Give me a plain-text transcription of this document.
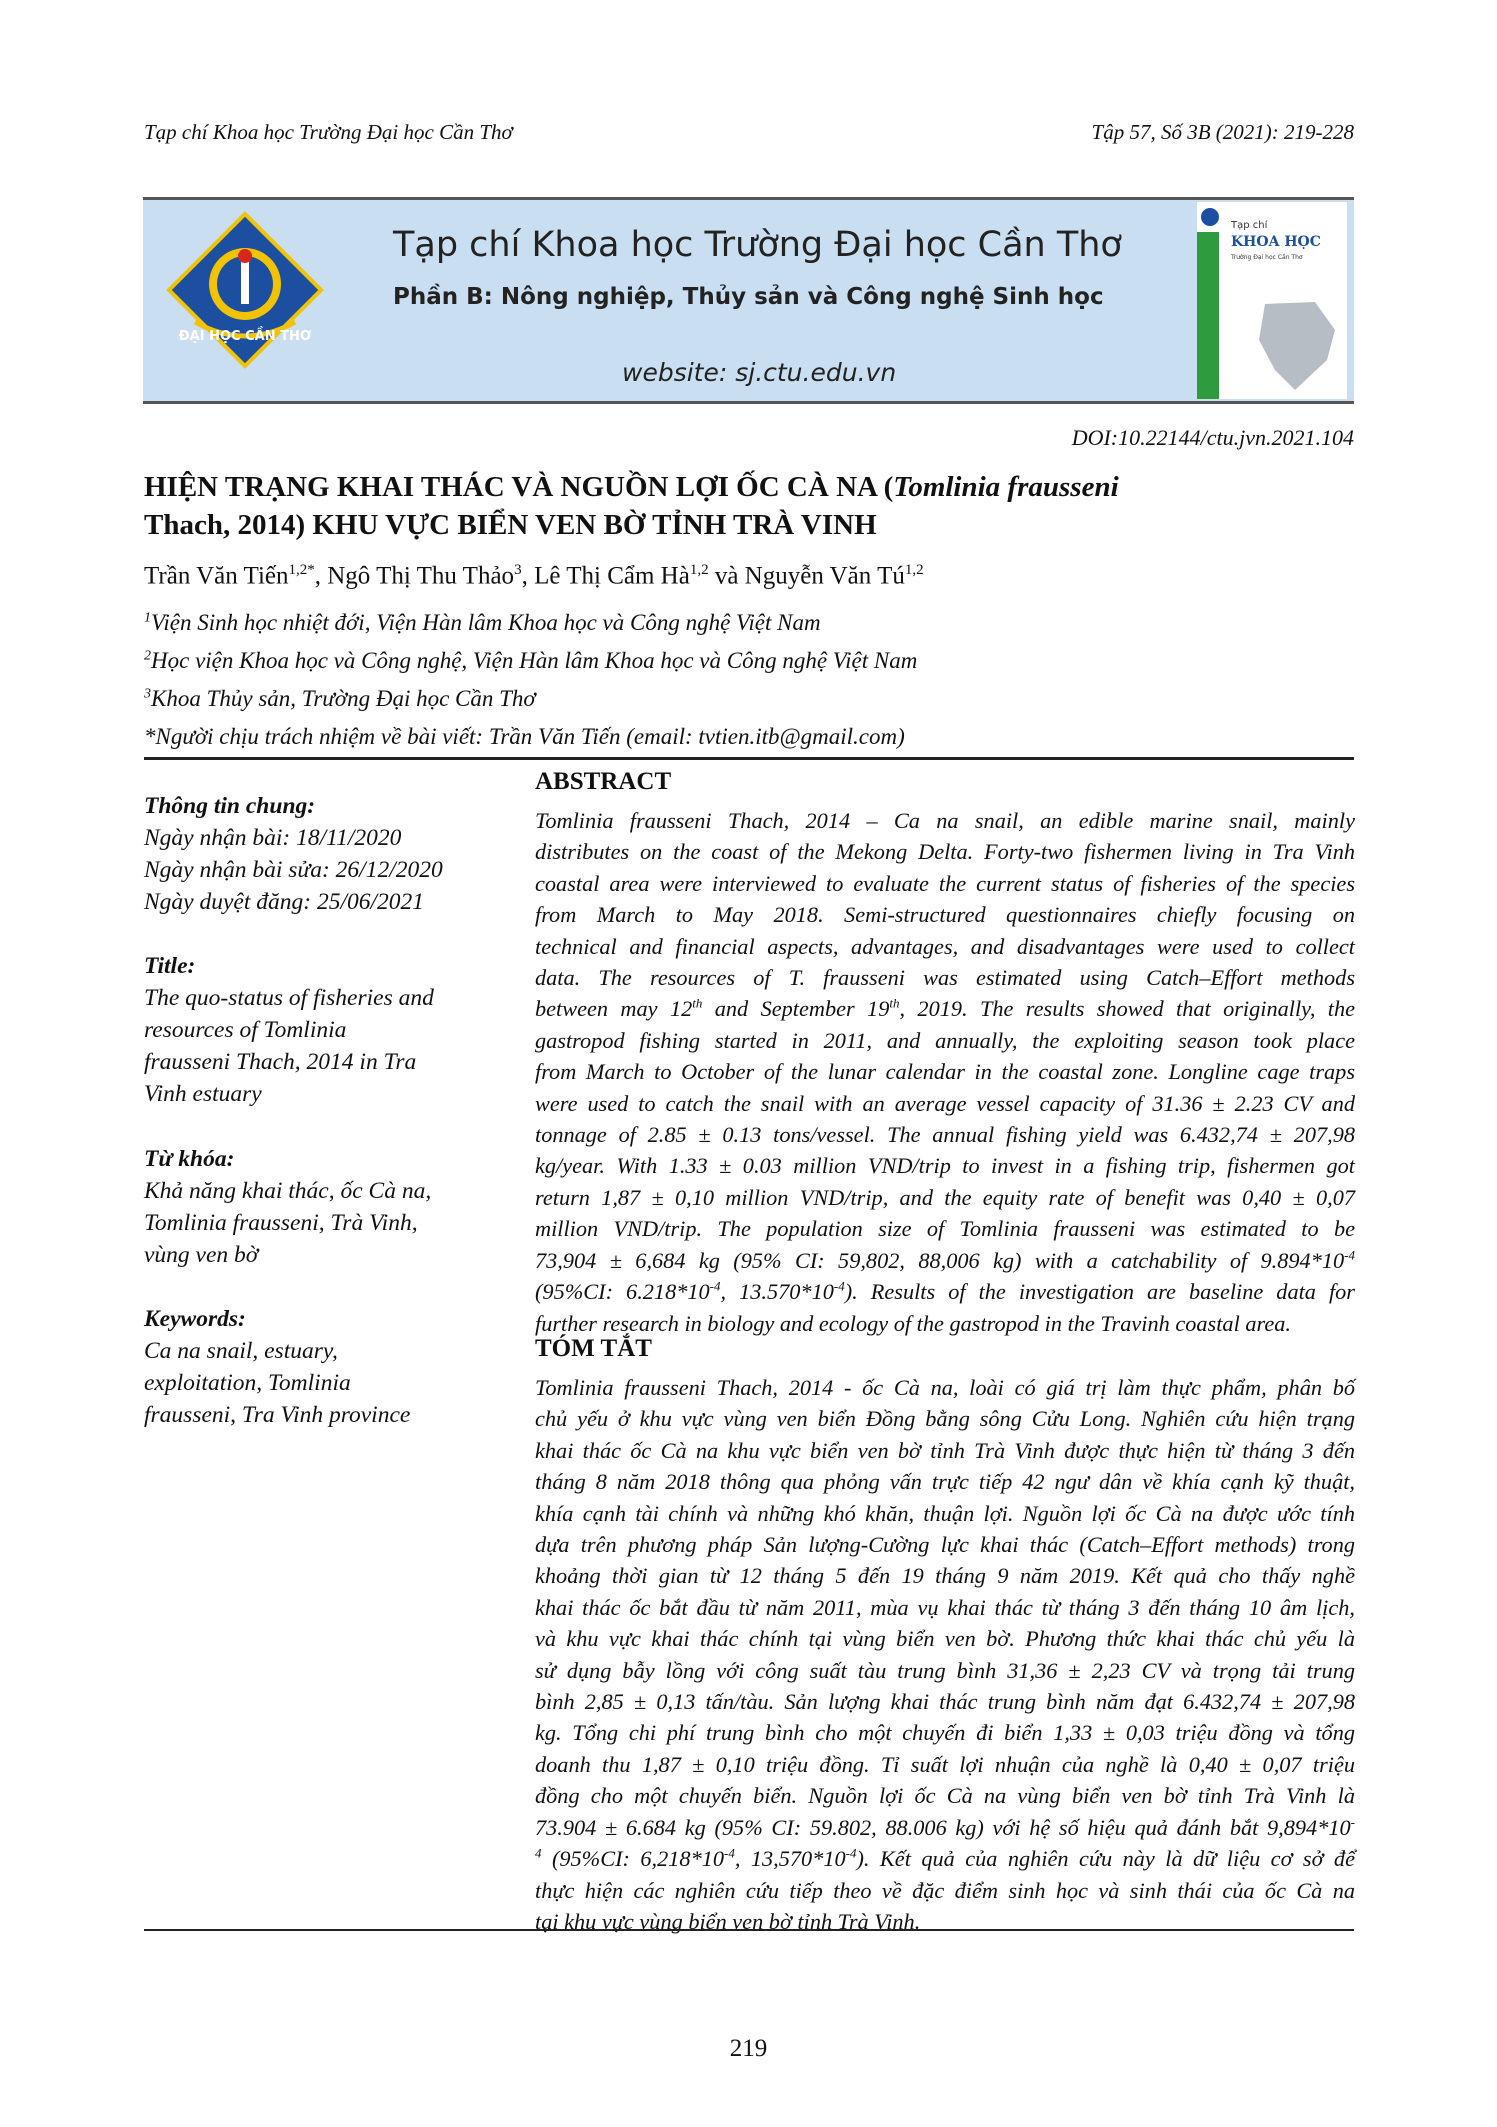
Tạp chí Khoa học Trường Đại học Cần Thơ	Tập 57, Số 3B (2021): 219-228
ĐẠI HỌC CẦN THƠ
Tạp chí Khoa học Trường Đại học Cần Thơ
Phần B: Nông nghiệp, Thủy sản và Công nghệ Sinh học
website: sj.ctu.edu.vn
Tạp chí
KHOA HỌC
Trường Đại học Cần Thơ
DOI:10.22144/ctu.jvn.2021.104
HIỆN TRẠNG KHAI THÁC VÀ NGUỒN LỢI ỐC CÀ NA (Tomlinia frausseni
Thach, 2014) KHU VỰC BIỂN VEN BỜ TỈNH TRÀ VINH
Trần Văn Tiến$^{1,2*}$, Ngô Thị Thu Thảo$^3$, Lê Thị Cẩm Hà$^{1,2}$ và Nguyễn Văn Tú$^{1,2}$
$^1$Viện Sinh học nhiệt đới, Viện Hàn lâm Khoa học và Công nghệ Việt Nam
$^2$Học viện Khoa học và Công nghệ, Viện Hàn lâm Khoa học và Công nghệ Việt Nam
$^3$Khoa Thủy sản, Trường Đại học Cần Thơ
*Người chịu trách nhiệm về bài viết: Trần Văn Tiến (email: tvtien.itb@gmail.com)
Thông tin chung:
Ngày nhận bài: 18/11/2020
Ngày nhận bài sửa: 26/12/2020
Ngày duyệt đăng: 25/06/2021
Title:
The quo-status of fisheries and
resources of Tomlinia
frausseni Thach, 2014 in Tra
Vinh estuary
Từ khóa:
Khả năng khai thác, ốc Cà na,
Tomlinia frausseni, Trà Vinh,
vùng ven bờ
Keywords:
Ca na snail, estuary,
exploitation, Tomlinia
frausseni, Tra Vinh province
ABSTRACT
Tomlinia frausseni Thach, 2014 – Ca na snail, an edible marine snail, mainly
distributes on the coast of the Mekong Delta. Forty-two fishermen living in Tra Vinh
coastal area were interviewed to evaluate the current status of fisheries of the species
from March to May 2018. Semi-structured questionnaires chiefly focusing on
technical and financial aspects, advantages, and disadvantages were used to collect
data. The resources of T. frausseni was estimated using Catch–Effort methods
between may 12th and September 19th, 2019. The results showed that originally, the
gastropod fishing started in 2011, and annually, the exploiting season took place
from March to October of the lunar calendar in the coastal zone. Longline cage traps
were used to catch the snail with an average vessel capacity of 31.36 ± 2.23 CV and
tonnage of 2.85 ± 0.13 tons/vessel. The annual fishing yield was 6.432,74 ± 207,98
kg/year. With 1.33 ± 0.03 million VND/trip to invest in a fishing trip, fishermen got
return 1,87 ± 0,10 million VND/trip, and the equity rate of benefit was 0,40 ± 0,07
million VND/trip. The population size of Tomlinia frausseni was estimated to be
73,904 ± 6,684 kg (95% CI: 59,802, 88,006 kg) with a catchability of $9.894*10^{-4}$
(95%CI: $6.218*10^{-4}$, $13.570*10^{-4}$). Results of the investigation are baseline data for
further research in biology and ecology of the gastropod in the Travinh coastal area.
TÓM TẮT
Tomlinia frausseni Thach, 2014 - ốc Cà na, loài có giá trị làm thực phẩm, phân bố
chủ yếu ở khu vực vùng ven biển Đồng bằng sông Cửu Long. Nghiên cứu hiện trạng
khai thác ốc Cà na khu vực biển ven bờ tỉnh Trà Vinh được thực hiện từ tháng 3 đến
tháng 8 năm 2018 thông qua phỏng vấn trực tiếp 42 ngư dân về khía cạnh kỹ thuật,
khía cạnh tài chính và những khó khăn, thuận lợi. Nguồn lợi ốc Cà na được ước tính
dựa trên phương pháp Sản lượng-Cường lực khai thác (Catch–Effort methods) trong
khoảng thời gian từ 12 tháng 5 đến 19 tháng 9 năm 2019. Kết quả cho thấy nghề
khai thác ốc bắt đầu từ năm 2011, mùa vụ khai thác từ tháng 3 đến tháng 10 âm lịch,
và khu vực khai thác chính tại vùng biển ven bờ. Phương thức khai thác chủ yếu là
sử dụng bẫy lồng với công suất tàu trung bình 31,36 ± 2,23 CV và trọng tải trung
bình 2,85 ± 0,13 tấn/tàu. Sản lượng khai thác trung bình năm đạt 6.432,74 ± 207,98
kg. Tổng chi phí trung bình cho một chuyến đi biển 1,33 ± 0,03 triệu đồng và tổng
doanh thu 1,87 ± 0,10 triệu đồng. Tỉ suất lợi nhuận của nghề là 0,40 ± 0,07 triệu
đồng cho một chuyến biển. Nguồn lợi ốc Cà na vùng biển ven bờ tỉnh Trà Vinh là
73.904 ± 6.684 kg (95% CI: 59.802, 88.006 kg) với hệ số hiệu quả đánh bắt 9,894*10-
$^4$ (95%CI: $6,218*10^{-4}$, $13,570*10^{-4}$). Kết quả của nghiên cứu này là dữ liệu cơ sở để
thực hiện các nghiên cứu tiếp theo về đặc điểm sinh học và sinh thái của ốc Cà na
tại khu vực vùng biển ven bờ tỉnh Trà Vinh.
219
